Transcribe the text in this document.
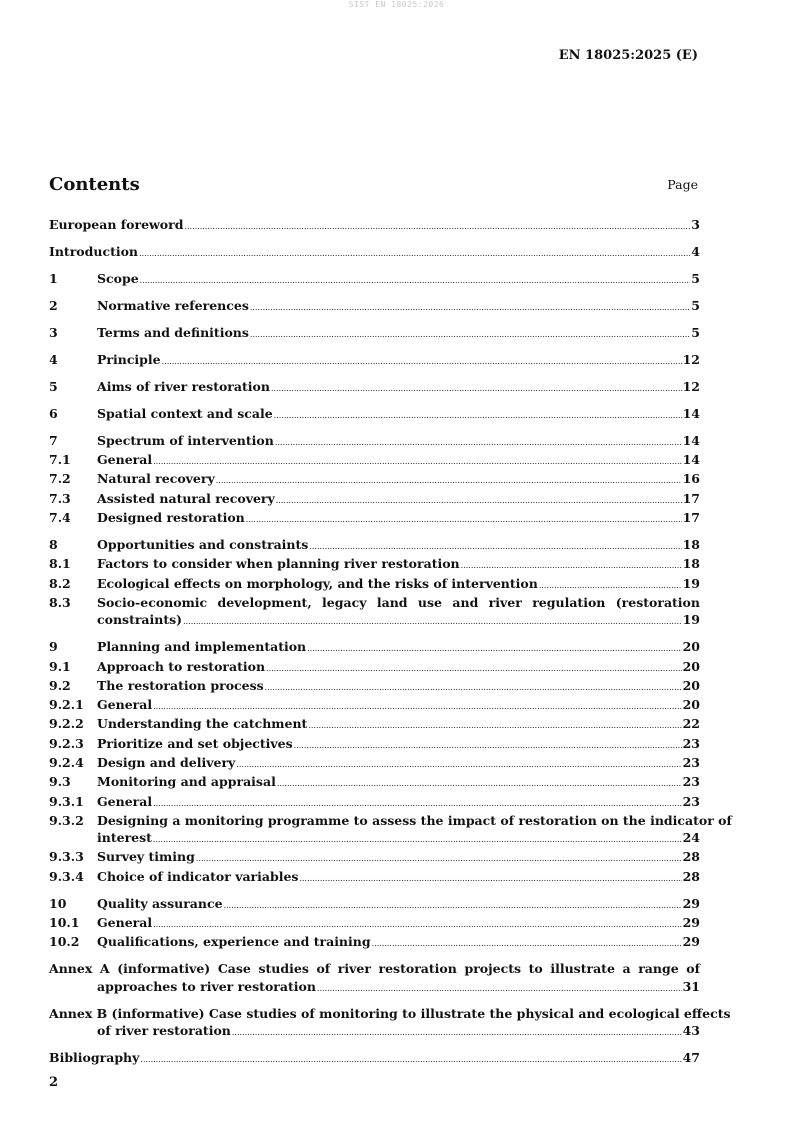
SIST EN 18025:2026
EN 18025:2025 (E)
Contents	Page
European foreword .....	3
Introduction .....	4
1	Scope .....	5
2	Normative references .....	5
3	Terms and definitions .....	5
4	Principle .....	12
5	Aims of river restoration .....	12
6	Spatial context and scale .....	14
7	Spectrum of intervention .....	14
7.1	General .....	14
7.2	Natural recovery .....	16
7.3	Assisted natural recovery .....	17
7.4	Designed restoration .....	17
8	Opportunities and constraints .....	18
8.1	Factors to consider when planning river restoration .....	18
8.2	Ecological effects on morphology, and the risks of intervention .....	19
8.3	Socio-economic development, legacy land use and river regulation (restoration
constraints) .....	19
9	Planning and implementation .....	20
9.1	Approach to restoration .....	20
9.2	The restoration process .....	20
9.2.1	General .....	20
9.2.2	Understanding the catchment .....	22
9.2.3	Prioritize and set objectives .....	23
9.2.4	Design and delivery .....	23
9.3	Monitoring and appraisal .....	23
9.3.1	General .....	23
9.3.2	Designing a monitoring programme to assess the impact of restoration on the indicator of
interest .....	24
9.3.3	Survey timing .....	28
9.3.4	Choice of indicator variables .....	28
10	Quality assurance .....	29
10.1	General .....	29
10.2	Qualifications, experience and training .....	29
Annex A (informative) Case studies of river restoration projects to illustrate a range of
approaches to river restoration .....	31
Annex B (informative) Case studies of monitoring to illustrate the physical and ecological effects
of river restoration .....	43
Bibliography .....	47
2
